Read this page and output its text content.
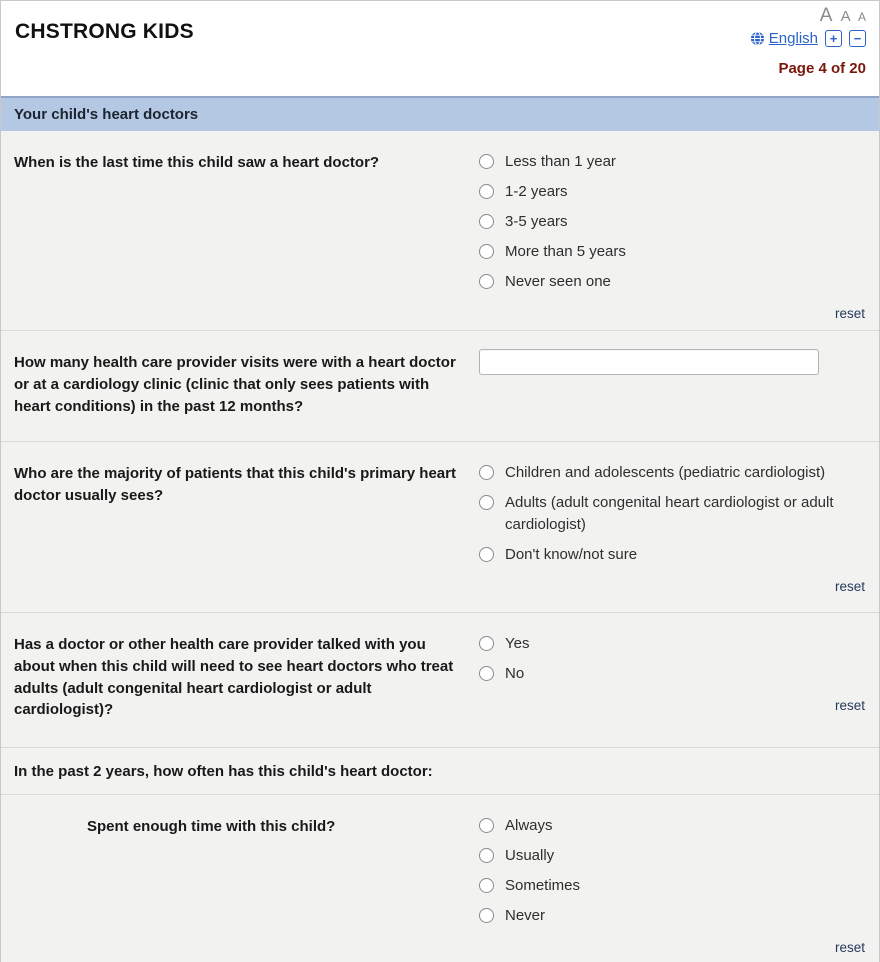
CHSTRONG KIDS
A A A
English +	−
Page 4 of 20
Your child's heart doctors
When is the last time this child saw a heart doctor?	Less than 1 year
1-2 years
3-5 years
More than 5 years
Never seen one
reset
How many health care provider visits were with a heart doctor or at a cardiology clinic (clinic that only sees patients with heart conditions) in the past 12 months?
Who are the majority of patients that this child's primary heart doctor usually sees?
Children and adolescents (pediatric cardiologist)
Adults (adult congenital heart cardiologist or adult cardiologist)
Don't know/not sure
reset
Has a doctor or other health care provider talked with you about when this child will need to see heart doctors who treat adults (adult congenital heart cardiologist or adult cardiologist)?
Yes
No
reset
In the past 2 years, how often has this child's heart doctor:
Spent enough time with this child?	Always
Usually
Sometimes
Never
reset
